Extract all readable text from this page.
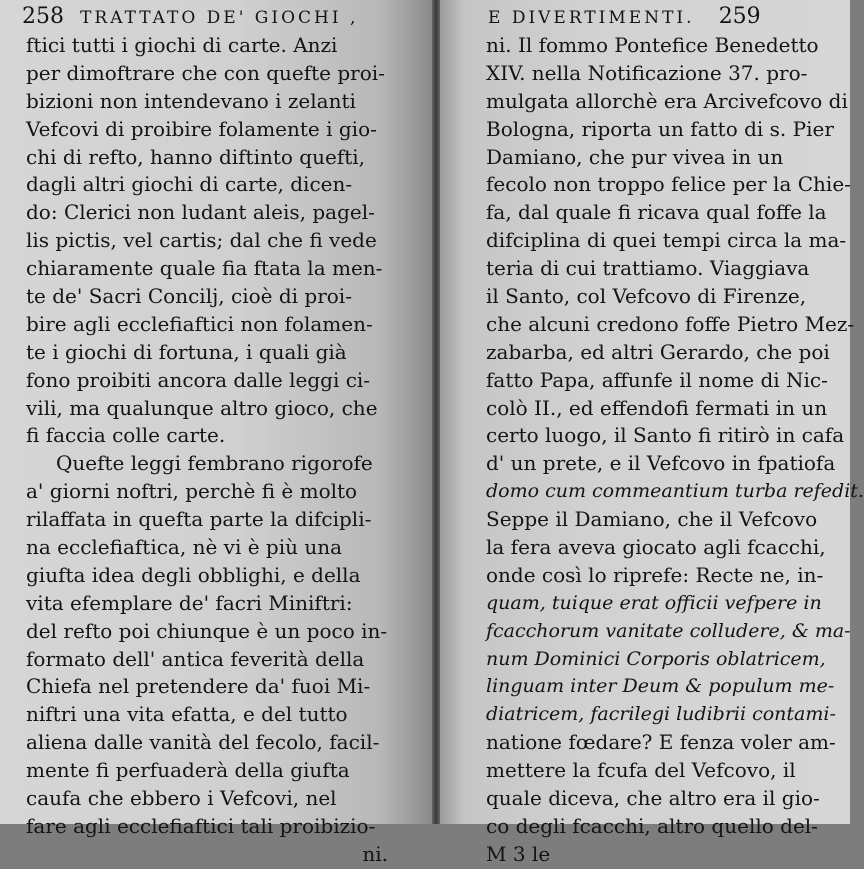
258 TRATTATO DE' GIOCHI ,
ftici tutti i giochi di carte. Anzi
per dimoftrare che con quefte proi-
bizioni non intendevano i zelanti
Vefcovi di proibire folamente i gio-
chi di refto, hanno diftinto quefti,
dagli altri giochi di carte, dicen-
do: Clerici non ludant aleis, pagel-
lis pictis, vel cartis; dal che fi vede
chiaramente quale fia ftata la men-
te de' Sacri Concilj, cioè di proi-
bire agli ecclefiaftici non folamen-
te i giochi di fortuna, i quali già
fono proibiti ancora dalle leggi ci-
vili, ma qualunque altro gioco, che
fi faccia colle carte.
Quefte leggi fembrano rigorofe
a' giorni noftri, perchè fi è molto
rilaffata in quefta parte la difcipli-
na ecclefiaftica, nè vi è più una
giufta idea degli obblighi, e della
vita efemplare de' facri Miniftri:
del refto poi chiunque è un poco in-
formato dell' antica feverità della
Chiefa nel pretendere da' fuoi Mi-
niftri una vita efatta, e del tutto
aliena dalle vanità del fecolo, facil-
mente fi perfuaderà della giufta
caufa che ebbero i Vefcovi, nel
fare agli ecclefiaftici tali proibizio-
ni.
E DIVERTIMENTI. 259
ni. Il fommo Pontefice Benedetto
XIV. nella Notificazione 37. pro-
mulgata allorchè era Arcivefcovo di
Bologna, riporta un fatto di s. Pier
Damiano, che pur vivea in un
fecolo non troppo felice per la Chie-
fa, dal quale fi ricava qual foffe la
difciplina di quei tempi circa la ma-
teria di cui trattiamo. Viaggiava
il Santo, col Vefcovo di Firenze,
che alcuni credono foffe Pietro Mez-
zabarba, ed altri Gerardo, che poi
fatto Papa, affunfe il nome di Nic-
colò II., ed effendofi fermati in un
certo luogo, il Santo fi ritirò in cafa
d' un prete, e il Vefcovo in fpatiofa
domo cum commeantium turba refedit.
Seppe il Damiano, che il Vefcovo
la fera aveva giocato agli fcacchi,
onde così lo riprefe: Recte ne, in-
quam, tuique erat officii vefpere in
fcacchorum vanitate colludere, & ma-
num Dominici Corporis oblatricem,
linguam inter Deum & populum me-
diatricem, facrilegi ludibrii contami-
natione fœdare? E fenza voler am-
mettere la fcufa del Vefcovo, il
quale diceva, che altro era il gio-
co degli fcacchi, altro quello del-
M 3 le
